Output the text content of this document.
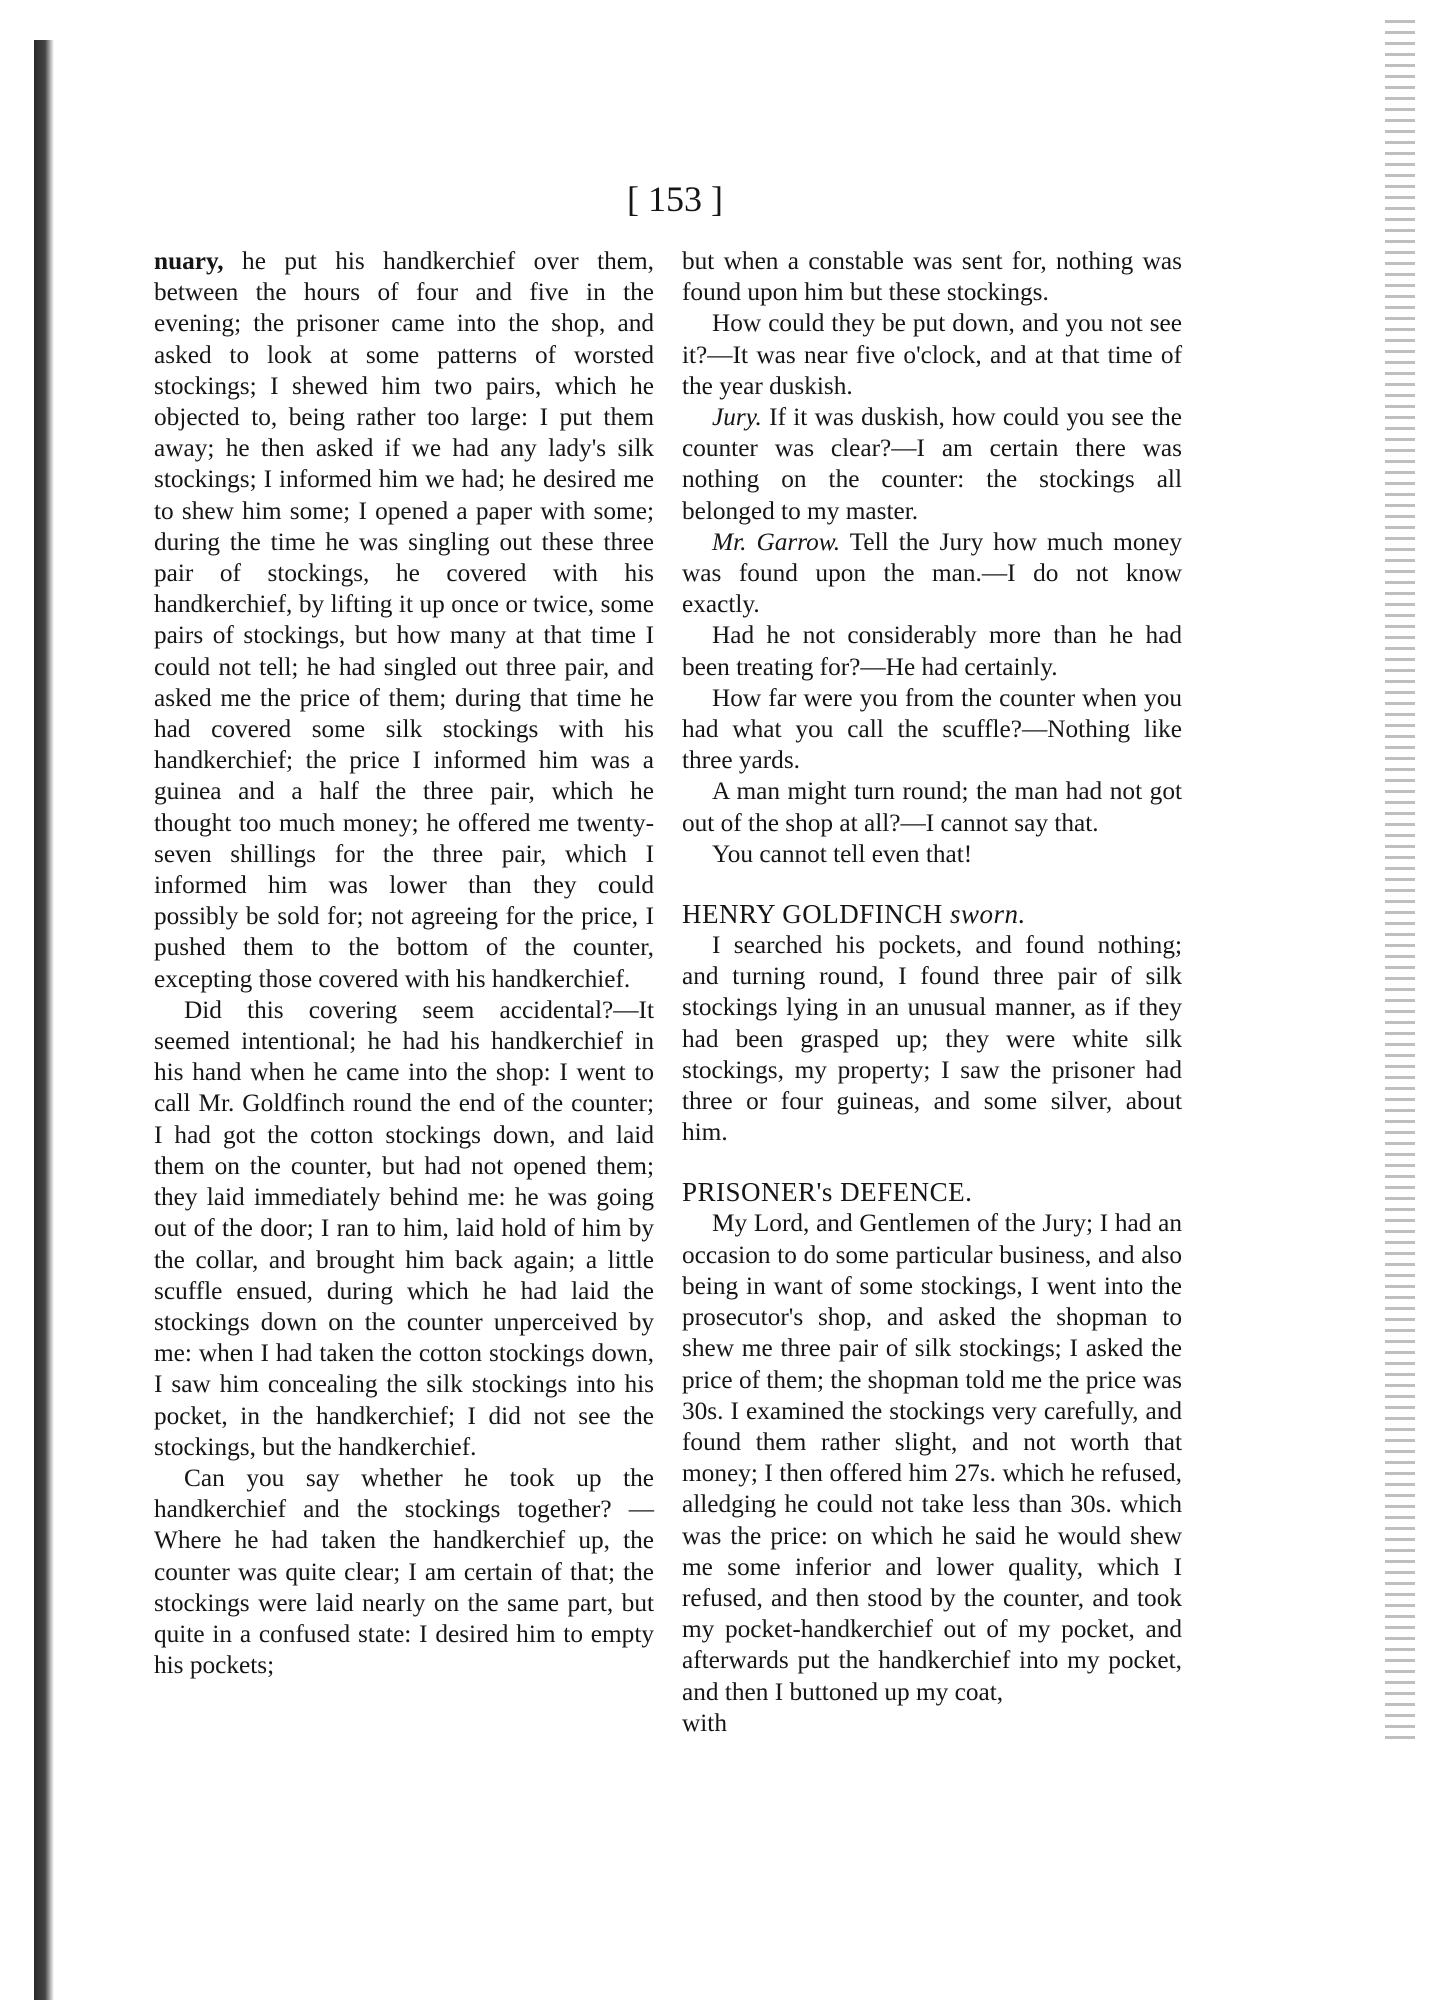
[ 153 ]

nuary, he put his handkerchief over them, between the hours of four and five in the evening; the prisoner came into the shop, and asked to look at some patterns of worsted stockings; I shewed him two pairs, which he objected to, being rather too large: I put them away; he then asked if we had any lady's silk stockings; I informed him we had; he desired me to shew him some; I opened a paper with some; during the time he was singling out these three pair of stockings, he covered with his handkerchief, by lifting it up once or twice, some pairs of stockings, but how many at that time I could not tell; he had singled out three pair, and asked me the price of them; during that time he had covered some silk stockings with his handkerchief; the price I informed him was a guinea and a half the three pair, which he thought too much money; he offered me twenty-seven shillings for the three pair, which I informed him was lower than they could possibly be sold for; not agreeing for the price, I pushed them to the bottom of the counter, excepting those covered with his handkerchief.

Did this covering seem accidental?—It seemed intentional; he had his handkerchief in his hand when he came into the shop: I went to call Mr. Goldfinch round the end of the counter; I had got the cotton stockings down, and laid them on the counter, but had not opened them; they laid immediately behind me: he was going out of the door; I ran to him, laid hold of him by the collar, and brought him back again; a little scuffle ensued, during which he had laid the stockings down on the counter unperceived by me: when I had taken the cotton stockings down, I saw him concealing the silk stockings into his pocket, in the handkerchief; I did not see the stockings, but the handkerchief.

Can you say whether he took up the handkerchief and the stockings together? —Where he had taken the handkerchief up, the counter was quite clear; I am certain of that; the stockings were laid nearly on the same part, but quite in a confused state: I desired him to empty his pockets;

but when a constable was sent for, nothing was found upon him but these stockings.

How could they be put down, and you not see it?—It was near five o'clock, and at that time of the year duskish.

Jury. If it was duskish, how could you see the counter was clear?—I am certain there was nothing on the counter: the stockings all belonged to my master.

Mr. Garrow. Tell the Jury how much money was found upon the man.—I do not know exactly.

Had he not considerably more than he had been treating for?—He had certainly.

How far were you from the counter when you had what you call the scuffle?—Nothing like three yards.

A man might turn round; the man had not got out of the shop at all?—I cannot say that.

You cannot tell even that!

HENRY GOLDFINCH sworn.

I searched his pockets, and found nothing; and turning round, I found three pair of silk stockings lying in an unusual manner, as if they had been grasped up; they were white silk stockings, my property; I saw the prisoner had three or four guineas, and some silver, about him.

PRISONER's DEFENCE.

My Lord, and Gentlemen of the Jury; I had an occasion to do some particular business, and also being in want of some stockings, I went into the prosecutor's shop, and asked the shopman to shew me three pair of silk stockings; I asked the price of them; the shopman told me the price was 30s. I examined the stockings very carefully, and found them rather slight, and not worth that money; I then offered him 27s. which he refused, alledging he could not take less than 30s. which was the price: on which he said he would shew me some inferior and lower quality, which I refused, and then stood by the counter, and took my pocket-handkerchief out of my pocket, and afterwards put the handkerchief into my pocket, and then I buttoned up my coat,

with
